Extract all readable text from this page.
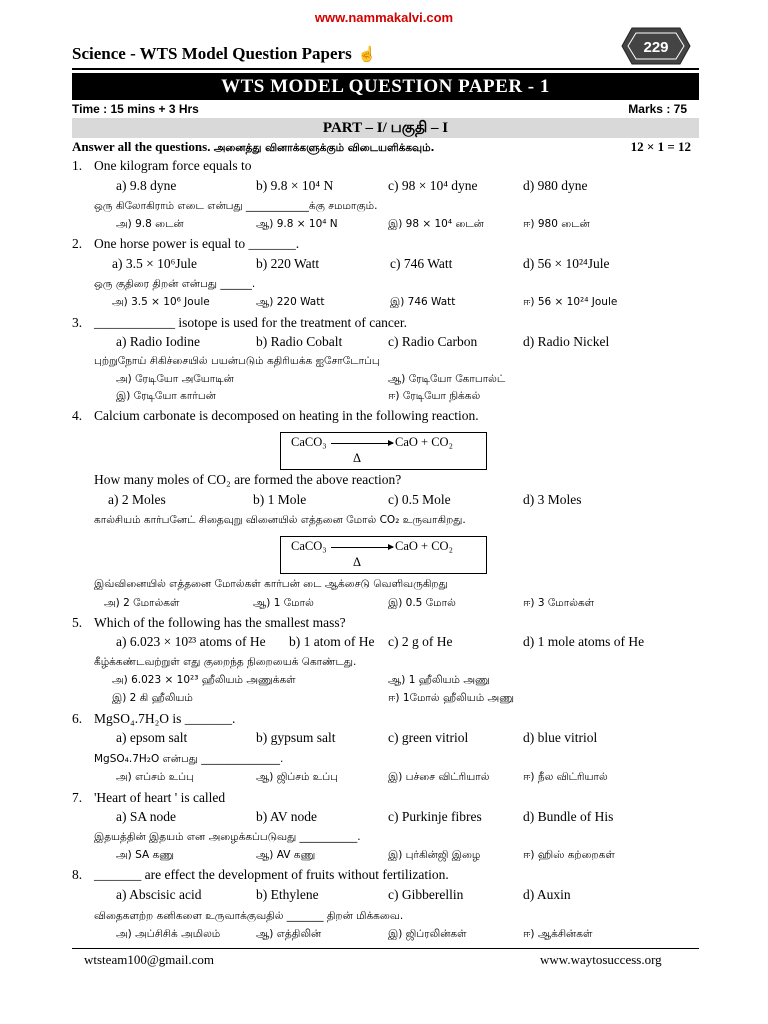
www.nammakalvi.com
Science - WTS Model Question Papers ☝	229
WTS MODEL QUESTION PAPER - 1
Time : 15 mins + 3 Hrs	Marks : 75
PART – I/ பகுதி – I
Answer all the questions. அனைத்து வினாக்களுக்கும் விடையளிக்கவும்.	12 × 1 = 12
1. One kilogram force equals to
a) 9.8 dyne	b) 9.8 × 10⁴ N	c) 98 × 10⁴ dyne	d) 980 dyne
ஒரு கிலோகிராம் எடை என்பது ____________க்கு சமமாகும்.
அ) 9.8 டைன்	ஆ) 9.8 × 10⁴ N	இ) 98 × 10⁴ டைன்	ஈ) 980 டைன்
2. One horse power is equal to _______.
a) 3.5 × 10⁶Jule	b) 220 Watt	c) 746 Watt	d) 56 × 10²⁴Jule
ஒரு குதிரை திறன் என்பது ______.
அ) 3.5 × 10⁶ Joule	ஆ) 220 Watt	இ) 746 Watt	ஈ) 56 × 10²⁴ Joule
3. ____________ isotope is used for the treatment of cancer.
a) Radio Iodine	b) Radio Cobalt	c) Radio Carbon	d) Radio Nickel
புற்றுநோய் சிகிச்சையில் பயன்படும் கதிரியக்க ஐசோடோப்பு
அ) ரேடியோ அயோடின்	ஆ) ரேடியோ கோபால்ட்
இ) ரேடியோ கார்பன்	ஈ) ரேடியோ நிக்கல்
4. Calcium carbonate is decomposed on heating in the following reaction.
CaCO₃ → CaO + CO₂
Δ
How many moles of CO₂ are formed the above reaction?
a) 2 Moles	b) 1 Mole	c) 0.5 Mole	d) 3 Moles
கால்சியம் கார்பனேட் சிதைவுறு வினையில் எத்தனை மோல் CO₂ உருவாகிறது.
CaCO₃ → CaO + CO₂
Δ
இவ்வினையில் எத்தனை மோல்கள் கார்பன் டை ஆக்சைடு வெளிவருகிறது
அ) 2 மோல்கள்	ஆ) 1 மோல்	இ) 0.5 மோல்	ஈ) 3 மோல்கள்
5. Which of the following has the smallest mass?
a) 6.023 × 10²³ atoms of He b) 1 atom of He c) 2 g of He	d) 1 mole atoms of He
கீழ்க்கண்டவற்றுள் எது குறைந்த நிறையைக் கொண்டது.
அ) 6.023 × 10²³ ஹீலியம் அணுக்கள்	ஆ) 1 ஹீலியம் அணு
இ) 2 கி ஹீலியம்	ஈ) 1மோல் ஹீலியம் அணு
6. MgSO₄.7H₂O is _______.
a) epsom salt	b) gypsum salt	c) green vitriol	d) blue vitriol
MgSO₄.7H₂O என்பது _______________.
அ) எப்சம் உப்பு	ஆ) ஜிப்சம் உப்பு	இ) பச்சை விட்ரியால்	ஈ) நீல விட்ரியால்
7. 'Heart of heart ' is called
a) SA node	b) AV node	c) Purkinje fibres	d) Bundle of His
இதயத்தின் இதயம் என அழைக்கப்படுவது ___________.
அ) SA கணு	ஆ) AV கணு	இ) புர்கின்ஜி இழை	ஈ) ஹிஸ் கற்றைகள்
8. _______ are effect the development of fruits without fertilization.
a) Abscisic acid	b) Ethylene	c) Gibberellin	d) Auxin
விதைகளற்ற கனிகளை உருவாக்குவதில் _______ திறன் மிக்கவை.
அ) அப்சிசிக் அமிலம்	ஆ) எத்திலின்	இ) ஜிப்ரலின்கள்	ஈ) ஆக்சின்கள்
wtsteam100@gmail.com	www.waytosuccess.org
